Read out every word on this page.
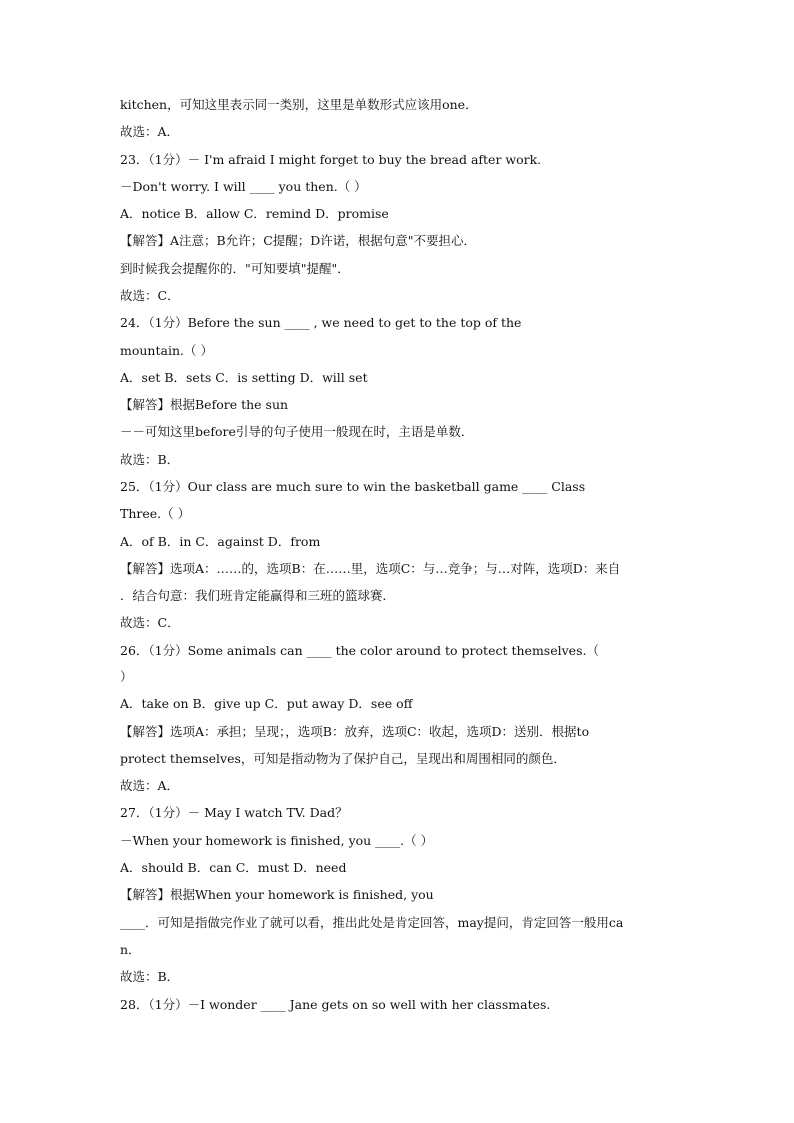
kitchen，可知这里表示同一类别，这里是单数形式应该用one．
故选：A．
23．（1分）－ I'm afraid I might forget to buy the bread after work.
－Don't worry. I will ____ you then.（ ）
A．notice B．allow C．remind D．promise
【解答】A注意；B允许；C提醒；D许诺，根据句意"不要担心．
到时候我会提醒你的．"可知要填"提醒"．
故选：C．
24．（1分）Before the sun ____ , we need to get to the top of the
mountain.（ ）
A．set B．sets C．is setting D．will set
【解答】根据Before the sun
－－可知这里before引导的句子使用一般现在时，主语是单数．
故选：B．
25．（1分）Our class are much sure to win the basketball game ____ Class
Three.（ ）
A．of B．in C．against D．from
【解答】选项A：……的，选项B：在……里，选项C：与…竞争；与…对阵，选项D：来自
．结合句意：我们班肯定能赢得和三班的篮球赛．
故选：C．
26．（1分）Some animals can ____ the color around to protect themselves.（
）
A．take on B．give up C．put away D．see off
【解答】选项A：承担；呈现；，选项B：放弃，选项C：收起，选项D：送别．根据to
protect themselves，可知是指动物为了保护自己，呈现出和周围相同的颜色．
故选：A．
27．（1分）－ May I watch TV. Dad？
－When your homework is finished, you ____.（ ）
A．should B．can C．must D．need
【解答】根据When your homework is finished, you
____．可知是指做完作业了就可以看，推出此处是肯定回答，may提问，肯定回答一般用ca
n．
故选：B．
28．（1分）－I wonder ____ Jane gets on so well with her classmates.
